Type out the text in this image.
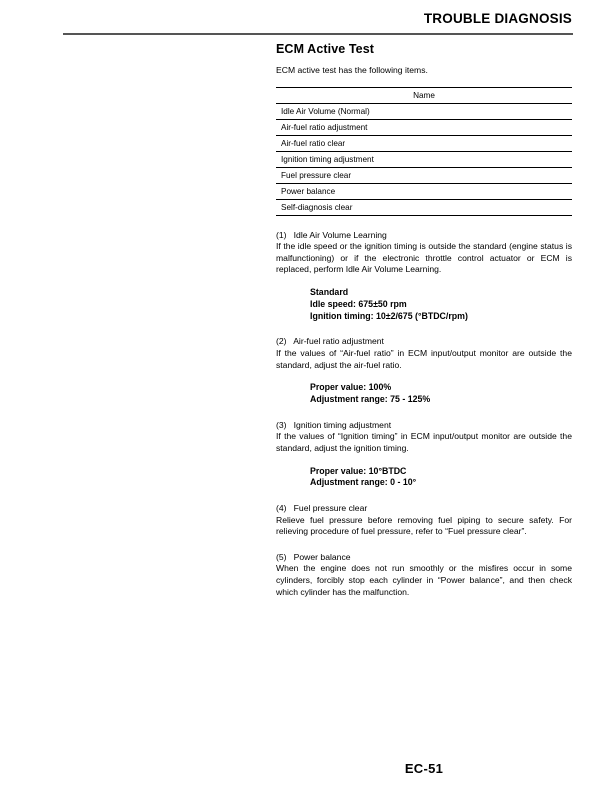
TROUBLE DIAGNOSIS
ECM Active Test

ECM active test has the following items.

Name
Idle Air Volume (Normal)
Air-fuel ratio adjustment
Air-fuel ratio clear
Ignition timing adjustment
Fuel pressure clear
Power balance
Self-diagnosis clear

(1)   Idle Air Volume Learning

If the idle speed or the ignition timing is outside the standard (engine status is malfunctioning) or if the electronic throttle control actuator or ECM is replaced, perform Idle Air Volume Learning.

Standard
Idle speed: 675±50 rpm
Ignition timing: 10±2/675 (°BTDC/rpm)

(2)   Air-fuel ratio adjustment

If the values of “Air-fuel ratio” in ECM input/output monitor are outside the standard, adjust the air-fuel ratio.

Proper value: 100%
Adjustment range: 75 - 125%

(3)   Ignition timing adjustment

If the values of “Ignition timing” in ECM input/output monitor are outside the standard, adjust the ignition timing.

Proper value: 10°BTDC
Adjustment range: 0 - 10°

(4)   Fuel pressure clear

Relieve fuel pressure before removing fuel piping to secure safety. For relieving procedure of fuel pressure, refer to “Fuel pressure clear”.

(5)   Power balance

When the engine does not run smoothly or the misfires occur in some cylinders, forcibly stop each cylinder in “Power balance”, and then check which cylinder has the malfunction.

EC-51
